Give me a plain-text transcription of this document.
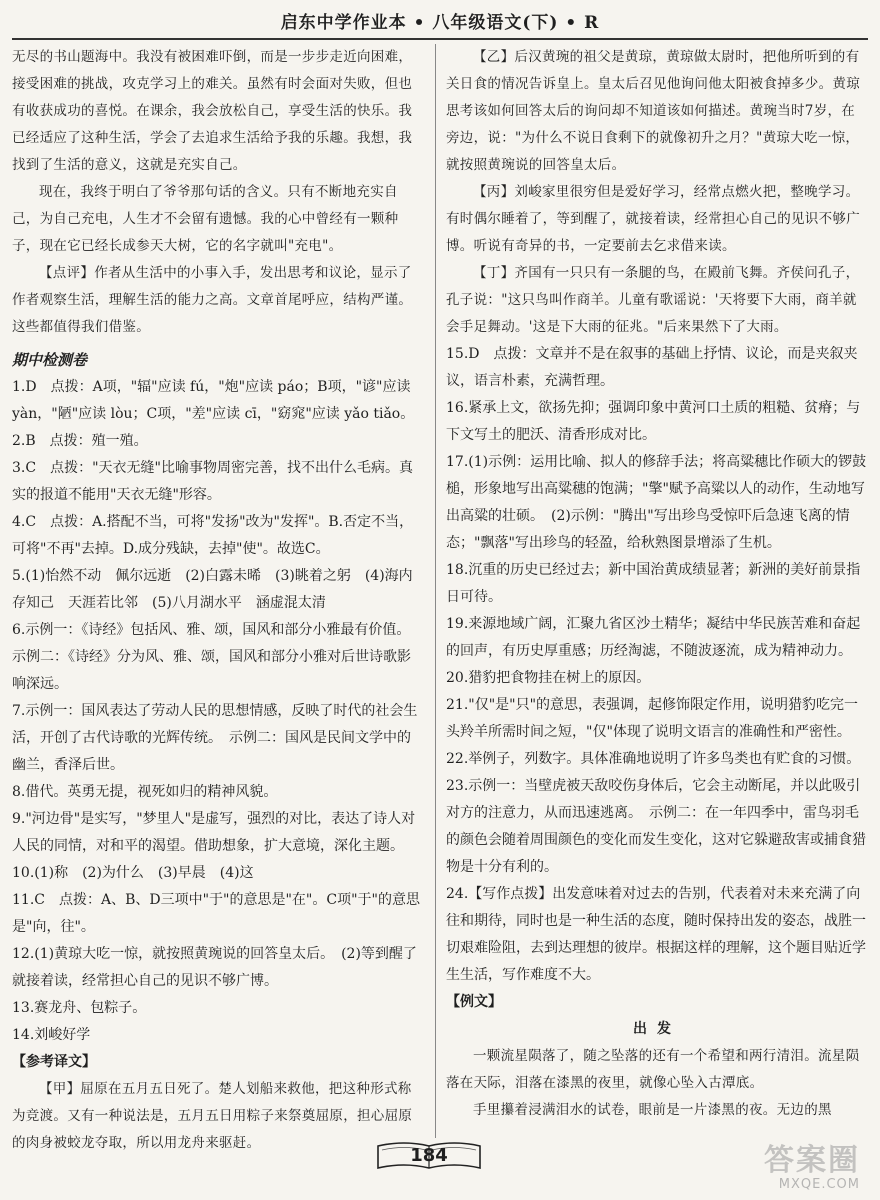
启东中学作业本 • 八年级语文(下) • R

无尽的书山题海中。我没有被困难吓倒，而是一步步走近向困难，接受困难的挑战，攻克学习上的难关。虽然有时会面对失败，但也有收获成功的喜悦。在课余，我会放松自己，享受生活的快乐。我已经适应了这种生活，学会了去追求生活给予我的乐趣。我想，我找到了生活的意义，这就是充实自己。

现在，我终于明白了爷爷那句话的含义。只有不断地充实自己，为自己充电，人生才不会留有遗憾。我的心中曾经有一颗种子，现在它已经长成参天大树，它的名字就叫"充电"。

【点评】作者从生活中的小事入手，发出思考和议论，显示了作者观察生活，理解生活的能力之高。文章首尾呼应，结构严谨。这些都值得我们借鉴。

期中检测卷

1.D　点拨：A项，"辐"应读 fú，"炮"应读 páo；B项，"谚"应读 yàn，"陋"应读 lòu；C项，"差"应读 cī，"窈窕"应读 yǎo tiǎo。

2.B　点拨：殖一殖。

3.C　点拨："天衣无缝"比喻事物周密完善，找不出什么毛病。真实的报道不能用"天衣无缝"形容。

4.C　点拨：A.搭配不当，可将"发扬"改为"发挥"。B.否定不当，可将"不再"去掉。D.成分残缺，去掉"使"。故选C。

5.(1)怡然不动　佩尔远逝　(2)白露未晞　(3)眺着之躬　(4)海内存知己　天涯若比邻　(5)八月湖水平　涵虚混太清

6.示例一：《诗经》包括风、雅、颂，国风和部分小雅最有价值。　示例二：《诗经》分为风、雅、颂，国风和部分小雅对后世诗歌影响深远。

7.示例一：国风表达了劳动人民的思想情感，反映了时代的社会生活，开创了古代诗歌的光辉传统。　示例二：国风是民间文学中的幽兰，香泽后世。

8.借代。英勇无提，视死如归的精神风貌。

9."河边骨"是实写，"梦里人"是虚写，强烈的对比，表达了诗人对人民的同情，对和平的渴望。借助想象，扩大意境，深化主题。

10.(1)称　(2)为什么　(3)早晨　(4)这

11.C　点拨：A、B、D三项中"于"的意思是"在"。C项"于"的意思是"向，往"。

12.(1)黄琼大吃一惊，就按照黄琬说的回答皇太后。　(2)等到醒了就接着读，经常担心自己的见识不够广博。

13.赛龙舟、包粽子。

14.刘峻好学

【参考译文】

【甲】屈原在五月五日死了。楚人划船来救他，把这种形式称为竞渡。又有一种说法是，五月五日用粽子来祭奠屈原，担心屈原的肉身被蛟龙夺取，所以用龙舟来驱赶。

【乙】后汉黄琬的祖父是黄琼，黄琼做太尉时，把他所听到的有关日食的情况告诉皇上。皇太后召见他询问他太阳被食掉多少。黄琼思考该如何回答太后的询问却不知道该如何描述。黄琬当时7岁，在旁边，说："为什么不说日食剩下的就像初升之月？"黄琼大吃一惊，就按照黄琬说的回答皇太后。

【丙】刘峻家里很穷但是爱好学习，经常点燃火把，整晚学习。有时偶尔睡着了，等到醒了，就接着读，经常担心自己的见识不够广博。听说有奇异的书，一定要前去乞求借来读。

【丁】齐国有一只只有一条腿的鸟，在殿前飞舞。齐侯问孔子，孔子说："这只鸟叫作商羊。儿童有歌谣说：'天将要下大雨，商羊就会手足舞动。'这是下大雨的征兆。"后来果然下了大雨。

15.D　点拨：文章并不是在叙事的基础上抒情、议论，而是夹叙夹议，语言朴素，充满哲理。

16.紧承上文，欲扬先抑；强调印象中黄河口土质的粗糙、贫瘠；与下文写土的肥沃、清香形成对比。

17.(1)示例：运用比喻、拟人的修辞手法；将高粱穗比作硕大的锣鼓槌，形象地写出高粱穗的饱满；"擎"赋予高粱以人的动作，生动地写出高粱的壮硕。　(2)示例："腾出"写出珍鸟受惊吓后急速飞离的情态；"飘落"写出珍鸟的轻盈，给秋熟图景增添了生机。

18.沉重的历史已经过去；新中国治黄成绩显著；新洲的美好前景指日可待。

19.来源地域广阔，汇聚九省区沙土精华；凝结中华民族苦难和奋起的回声，有历史厚重感；历经淘滤，不随波逐流，成为精神动力。

20.猎豹把食物挂在树上的原因。

21."仅"是"只"的意思，表强调，起修饰限定作用，说明猎豹吃完一头羚羊所需时间之短，"仅"体现了说明文语言的准确性和严密性。

22.举例子，列数字。具体准确地说明了许多鸟类也有贮食的习惯。

23.示例一：当壁虎被天敌咬伤身体后，它会主动断尾，并以此吸引对方的注意力，从而迅速逃离。　示例二：在一年四季中，雷鸟羽毛的颜色会随着周围颜色的变化而发生变化，这对它躲避敌害或捕食猎物是十分有利的。

24.【写作点拨】出发意味着对过去的告别，代表着对未来充满了向往和期待，同时也是一种生活的态度，随时保持出发的姿态，战胜一切艰难险阻，去到达理想的彼岸。根据这样的理解，这个题目贴近学生生活，写作难度不大。

【例文】

出发

一颗流星陨落了，随之坠落的还有一个希望和两行清泪。流星陨落在天际，泪落在漆黑的夜里，就像心坠入古潭底。

手里攥着浸满泪水的试卷，眼前是一片漆黑的夜。无边的黑

184	答案圈
MXQE.COM
